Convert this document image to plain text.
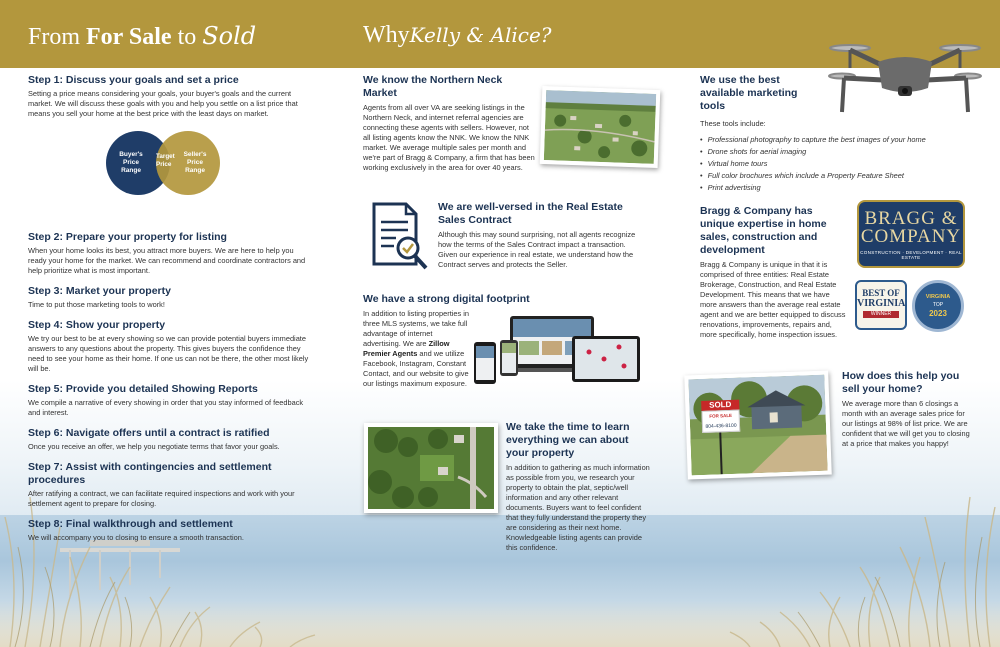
From For Sale to Sold	WhyKelly & Alice?
Step 1: Discuss your goals and set a price
Setting a price means considering your goals, your buyer's goals and the current market. We will discuss these goals with you and help you settle on a list price that means you sell your home at the best price with the least days on market.
Buyer's
Price
Range
Seller's
Price
Range
Target
Price
Step 2: Prepare your property for listing
When your home looks its best, you attract more buyers. We are here to help you ready your home for the market. We can recommend and coordinate contractors and help prioritize what is most important.
Step 3: Market your property
Time to put those marketing tools to work!
Step 4: Show your property
We try our best to be at every showing so we can provide potential buyers immediate answers to any questions about the property. This gives buyers the confidence they need to see your home as their home. If one us can not be there, the other most likely will be.
Step 5: Provide you detailed Showing Reports
We compile a narrative of every showing in order that you stay informed of feedback and interest.
Step 6: Navigate offers until a contract is ratified
Once you receive an offer, we help you negotiate terms that favor your goals.
Step 7: Assist with contingencies and settlement procedures
After ratifying a contract, we can facilitate required inspections and work with your settlement agent to prepare for closing.
Step 8: Final walkthrough and settlement
We will accompany you to closing to ensure a smooth transaction.
We know the Northern Neck Market
Agents from all over VA are seeking listings in the Northern Neck, and internet referral agencies are connecting these agents with sellers. However, not all listing agents know the NNK. We know the NNK market. We average multiple sales per month and we're part of Bragg & Company, a firm that has been working exclusively in the area for over 40 years.
We are well-versed in the Real Estate Sales Contract
Although this may sound surprising, not all agents recognize how the terms of the Sales Contract impact a transaction. Given our experience in real estate, we understand how the Contract serves and protects the Seller.
We have a strong digital footprint
In addition to listing properties in three MLS systems, we take full advantage of internet advertising. We are Zillow Premier Agents and we utilize Facebook, Instagram, Constant Contact, and our website to give our listings maximum exposure.
We take the time to learn everything we can about your property
In addition to gathering as much information as possible from you, we research your property to obtain the plat, septic/well information and any other relevant documents. Buyers want to feel confident that they fully understand the property they are considering as their next home. Knowledgeable listing agents can provide this confidence.
We use the best available marketing tools
These tools include:
• Professional photography to capture the best images of your home
• Drone shots for aerial imaging
• Virtual home tours
• Full color brochures which include a Property Feature Sheet
• Print advertising
Bragg & Company has unique expertise in home sales, construction and development
Bragg & Company is unique in that it is comprised of three entities: Real Estate Brokerage, Construction, and Real Estate Development. This means that we have more answers than the average real estate agent and we are better equipped to discuss renovations, improvements, repairs and, more specifically, home inspection issues.
BRAGG &
COMPANY
CONSTRUCTION · DEVELOPMENT · REAL ESTATE
BEST OF
VIRGINIA
WINNER
VIRGINIA
TOP
2023
SOLD
FOR SALE
804-436-8100
How does this help you sell your home?
We average more than 6 closings a month with an average sales price for our listings at 98% of list price. We are confident that we will get you to closing at a price that makes you happy!
